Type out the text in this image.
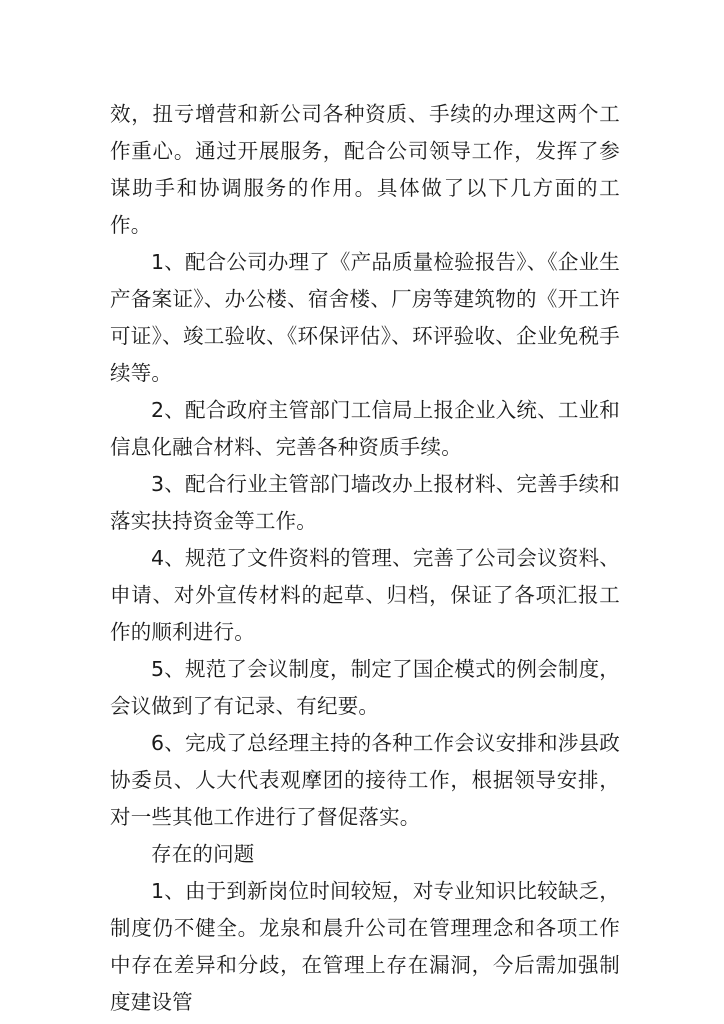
效，扭亏增营和新公司各种资质、手续的办理这两个工作重心。通过开展服务，配合公司领导工作，发挥了参谋助手和协调服务的作用。具体做了以下几方面的工作。

1、配合公司办理了《产品质量检验报告》、《企业生产备案证》、办公楼、宿舍楼、厂房等建筑物的《开工许可证》、竣工验收、《环保评估》、环评验收、企业免税手续等。

2、配合政府主管部门工信局上报企业入统、工业和信息化融合材料、完善各种资质手续。

3、配合行业主管部门墙改办上报材料、完善手续和落实扶持资金等工作。

4、规范了文件资料的管理、完善了公司会议资料、申请、对外宣传材料的起草、归档，保证了各项汇报工作的顺利进行。

5、规范了会议制度，制定了国企模式的例会制度，会议做到了有记录、有纪要。

6、完成了总经理主持的各种工作会议安排和涉县政协委员、人大代表观摩团的接待工作，根据领导安排，对一些其他工作进行了督促落实。

存在的问题

1、由于到新岗位时间较短，对专业知识比较缺乏，制度仍不健全。龙泉和晨升公司在管理理念和各项工作中存在差异和分歧，在管理上存在漏洞，今后需加强制度建设管
